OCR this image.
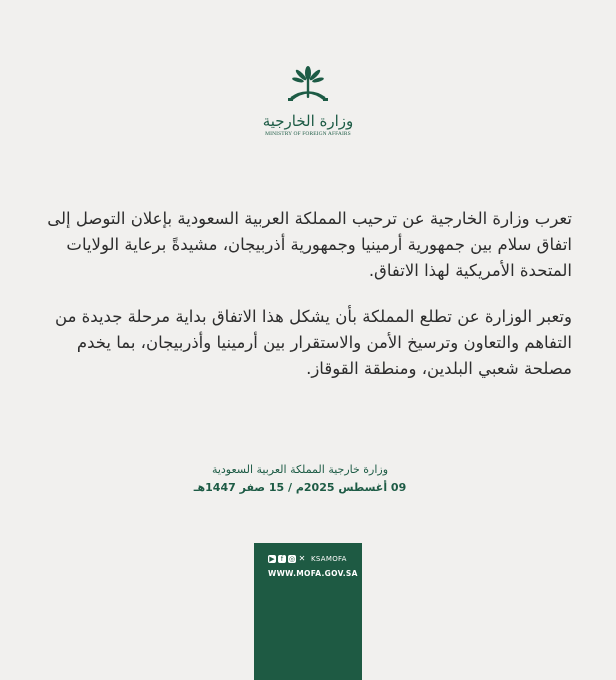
وزارة الخارجية
MINISTRY OF FOREIGN AFFAIRS

تعرب وزارة الخارجية عن ترحيب المملكة العربية السعودية بإعلان التوصل إلى اتفاق سلام بين جمهورية أرمينيا وجمهورية أذربيجان، مشيدةً برعاية الولايات المتحدة الأمريكية لهذا الاتفاق.

وتعبر الوزارة عن تطلع المملكة بأن يشكل هذا الاتفاق بداية مرحلة جديدة من التفاهم والتعاون وترسيخ الأمن والاستقرار بين أرمينيا وأذربيجان، بما يخدم مصلحة شعبي البلدين، ومنطقة القوقاز.

وزارة خارجية المملكة العربية السعودية
09 أغسطس 2025م / 15 صفر 1447هـ
▶ f ◎ ✕ KSAMOFA
WWW.MOFA.GOV.SA
